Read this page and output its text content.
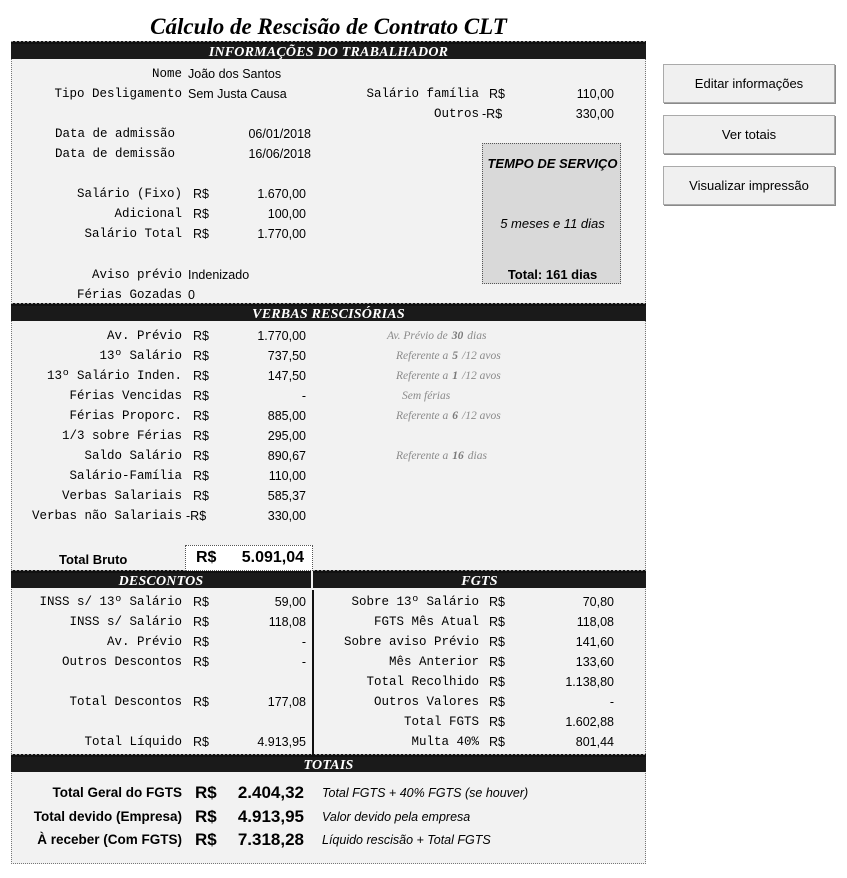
Cálculo de Rescisão de Contrato CLT
INFORMAÇÕES DO TRABALHADOR
VERBAS RESCISÓRIAS
DESCONTOS	FGTS
TOTAIS
Nome João dos Santos
Tipo Desligamento Sem Justa Causa	Salário família R$	110,00
Outros -R$	330,00
Data de admissão	06/01/2018
Data de demissão	16/06/2018
Salário (Fixo) R$	1.670,00
Adicional R$	100,00
Salário Total R$	1.770,00
Aviso prévio Indenizado
Férias Gozadas 0
TEMPO DE SERVIÇO
5 meses e 11 dias
Total: 161 dias
Editar informações
Ver totais
Visualizar impressão
Av. Prévio R$	1.770,00	Av. Prévio de 30 dias
13º Salário R$	737,50	Referente a 5 /12 avos
13º Salário Inden. R$	147,50	Referente a 1 /12 avos
Férias Vencidas R$	-	Sem férias
Férias Proporc. R$	885,00	Referente a 6 /12 avos
1/3 sobre Férias R$	295,00
Saldo Salário R$	890,67	Referente a 16 dias
Salário-Família R$	110,00
Verbas Salariais R$	585,37
Verbas não Salariais -R$	330,00
Total Bruto	R$ 5.091,04
INSS s/ 13º Salário R$	59,00
INSS s/ Salário R$	118,08
Av. Prévio R$	-
Outros Descontos R$	-
Total Descontos R$	177,08
Total Líquido R$	4.913,95
Sobre 13º Salário R$	70,80
FGTS Mês Atual R$	118,08
Sobre aviso Prévio R$	141,60
Mês Anterior R$	133,60
Total Recolhido R$	1.138,80
Outros Valores R$	-
Total FGTS R$	1.602,88
Multa 40% R$	801,44
Total Geral do FGTS R$ 2.404,32 Total FGTS + 40% FGTS (se houver)
Total devido (Empresa) R$ 4.913,95 Valor devido pela empresa
À receber (Com FGTS) R$ 7.318,28 Líquido rescisão + Total FGTS
